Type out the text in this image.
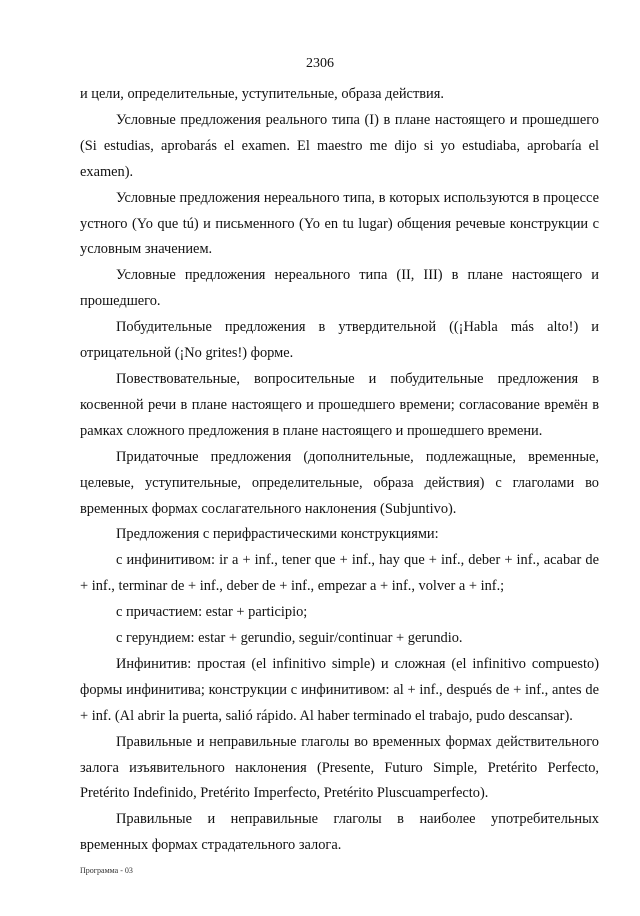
2306

и цели, определительные, уступительные, образа действия.

Условные предложения реального типа (I) в плане настоящего и прошедшего (Si estudias, aprobarás el examen. El maestro me dijo si yo estudiaba, aprobaría el examen).

Условные предложения нереального типа, в которых используются в процессе устного (Yo que tú) и письменного (Yo en tu lugar) общения речевые конструкции с условным значением.

Условные предложения нереального типа (II, III) в плане настоящего и прошедшего.

Побудительные предложения в утвердительной ((¡Habla más alto!) и отрицательной (¡No grites!) форме.

Повествовательные, вопросительные и побудительные предложения в косвенной речи в плане настоящего и прошедшего времени; согласование времён в рамках сложного предложения в плане настоящего и прошедшего времени.

Придаточные предложения (дополнительные, подлежащные, временные, целевые, уступительные, определительные, образа действия) с глаголами во временных формах сослагательного наклонения (Subjuntivo).

Предложения с перифрастическими конструкциями:

с инфинитивом: ir a + inf., tener que + inf., hay que + inf., deber + inf., acabar de + inf., terminar de + inf., deber de + inf., empezar a + inf., volver a + inf.;

с причастием: estar + participio;

с герундием: estar + gerundio, seguir/continuar + gerundio.

Инфинитив: простая (el infinitivo simple) и сложная (el infinitivo compuesto) формы инфинитива; конструкции с инфинитивом: al + inf., después de + inf., antes de + inf. (Al abrir la puerta, salió rápido. Al haber terminado el trabajo, pudo descansar).

Правильные и неправильные глаголы во временных формах действительного залога изъявительного наклонения (Presente, Futuro Simple, Pretérito Perfecto, Pretérito Indefinido, Pretérito Imperfecto, Pretérito Pluscuamperfecto).

Правильные и неправильные глаголы в наиболее употребительных временных формах страдательного залога.

Программа - 03
